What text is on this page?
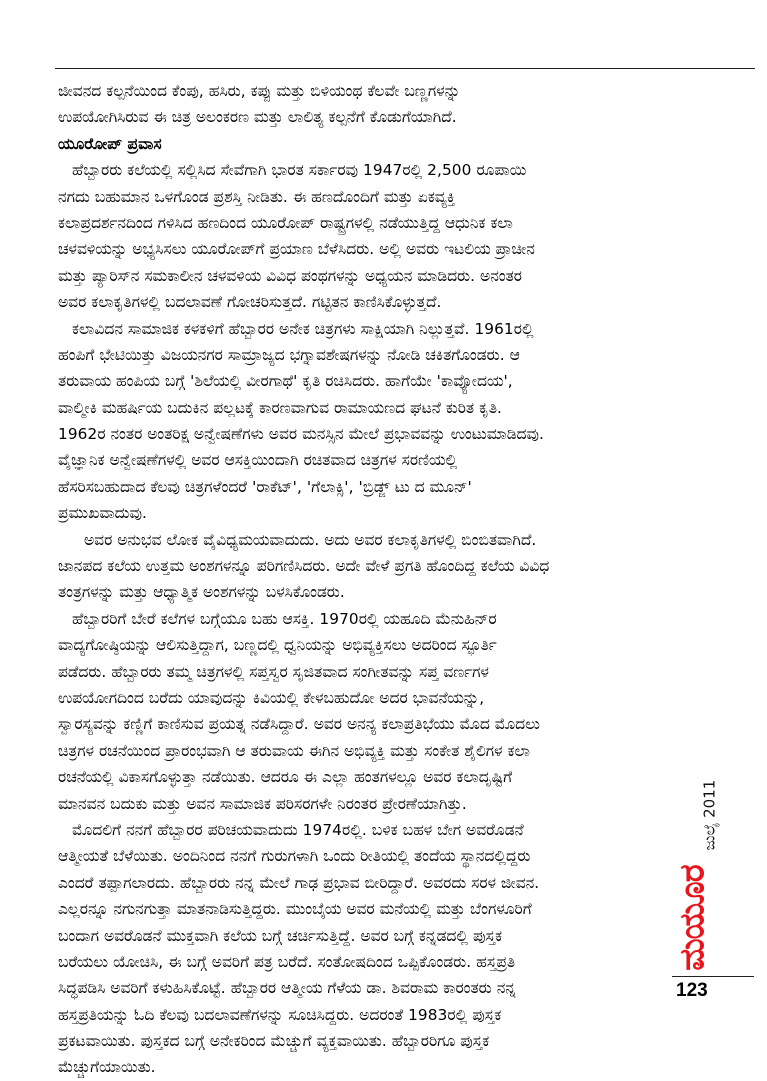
ಜೀವನದ ಕಲ್ಪನೆಯಿಂದ ಕೆಂಪು, ಹಸಿರು, ಕಪ್ಪು ಮತ್ತು ಬಿಳಿಯಂಥ ಕೆಲವೇ ಬಣ್ಣಗಳನ್ನು
ಉಪಯೋಗಿಸಿರುವ ಈ ಚಿತ್ರ ಅಲಂಕರಣ ಮತ್ತು ಲಾಲಿತ್ಯ ಕಲ್ಪನೆಗೆ ಕೊಡುಗೆಯಾಗಿದೆ.
ಯೂರೋಪ್ ಪ್ರವಾಸ
ಹೆಬ್ಬಾರರು ಕಲೆಯಲ್ಲಿ ಸಲ್ಲಿಸಿದ ಸೇವೆಗಾಗಿ ಭಾರತ ಸರ್ಕಾರವು 1947ರಲ್ಲಿ 2,500 ರೂಪಾಯಿ
ನಗದು ಬಹುಮಾನ ಒಳಗೊಂಡ ಪ್ರಶಸ್ತಿ ನೀಡಿತು. ಈ ಹಣದೊಂದಿಗೆ ಮತ್ತು ಏಕವ್ಯಕ್ತಿ
ಕಲಾಪ್ರದರ್ಶನದಿಂದ ಗಳಿಸಿದ ಹಣದಿಂದ ಯೂರೋಪ್ ರಾಷ್ಟ್ರಗಳಲ್ಲಿ ನಡೆಯುತ್ತಿದ್ದ ಆಧುನಿಕ ಕಲಾ
ಚಳವಳಿಯನ್ನು ಅಭ್ಯಸಿಸಲು ಯೂರೋಪ್‌ಗೆ ಪ್ರಯಾಣ ಬೆಳೆಸಿದರು. ಅಲ್ಲಿ ಅವರು ಇಟಲಿಯ ಪ್ರಾಚೀನ
ಮತ್ತು ಪ್ಯಾರಿಸ್‌ನ ಸಮಕಾಲೀನ ಚಳವಳಿಯ ವಿವಿಧ ಪಂಥಗಳನ್ನು ಅಧ್ಯಯನ ಮಾಡಿದರು. ಅನಂತರ
ಅವರ ಕಲಾಕೃತಿಗಳಲ್ಲಿ ಬದಲಾವಣೆ ಗೋಚರಿಸುತ್ತದೆ. ಗಟ್ಟಿತನ ಕಾಣಿಸಿಕೊಳ್ಳುತ್ತದೆ.
ಕಲಾವಿದನ ಸಾಮಾಜಿಕ ಕಳಕಳಿಗೆ ಹೆಬ್ಬಾರರ ಅನೇಕ ಚಿತ್ರಗಳು ಸಾಕ್ಷಿಯಾಗಿ ನಿಲ್ಲುತ್ತವೆ. 1961ರಲ್ಲಿ
ಹಂಪಿಗೆ ಭೇಟಿಯಿತ್ತು ವಿಜಯನಗರ ಸಾಮ್ರಾಜ್ಯದ ಭಗ್ನಾವಶೇಷಗಳನ್ನು ನೋಡಿ ಚಕಿತಗೊಂಡರು. ಆ
ತರುವಾಯ ಹಂಪಿಯ ಬಗ್ಗೆ 'ಶಿಲೆಯಲ್ಲಿ ವೀರಗಾಥೆ' ಕೃತಿ ರಚಿಸಿದರು. ಹಾಗೆಯೇ 'ಕಾವ್ಯೋದಯ',
ವಾಲ್ಮೀಕಿ ಮಹರ್ಷಿಯ ಬದುಕಿನ ಪಲ್ಲಟಕ್ಕೆ ಕಾರಣವಾಗುವ ರಾಮಾಯಣದ ಘಟನೆ ಕುರಿತ ಕೃತಿ.
1962ರ ನಂತರ ಅಂತರಿಕ್ಷ ಅನ್ವೇಷಣೆಗಳು ಅವರ ಮನಸ್ಸಿನ ಮೇಲೆ ಪ್ರಭಾವವನ್ನು ಉಂಟುಮಾಡಿದವು.
ವೈಜ್ಞಾನಿಕ ಅನ್ವೇಷಣೆಗಳಲ್ಲಿ ಅವರ ಆಸಕ್ತಿಯಿಂದಾಗಿ ರಚಿತವಾದ ಚಿತ್ರಗಳ ಸರಣಿಯಲ್ಲಿ
ಹೆಸರಿಸಬಹುದಾದ ಕೆಲವು ಚಿತ್ರಗಳೆಂದರೆ 'ರಾಕೆಟ್', 'ಗೆಲಾಕ್ಸಿ', 'ಬ್ರಿಡ್ಜ್ ಟು ದ ಮೂನ್'
ಪ್ರಮುಖವಾದುವು.
ಅವರ ಅನುಭವ ಲೋಕ ವೈವಿಧ್ಯಮಯವಾದುದು. ಅದು ಅವರ ಕಲಾಕೃತಿಗಳಲ್ಲಿ ಬಿಂಬಿತವಾಗಿದೆ.
ಜಾನಪದ ಕಲೆಯ ಉತ್ತಮ ಅಂಶಗಳನ್ನೂ ಪರಿಗಣಿಸಿದರು. ಅದೇ ವೇಳೆ ಪ್ರಗತಿ ಹೊಂದಿದ್ದ ಕಲೆಯ ವಿವಿಧ
ತಂತ್ರಗಳನ್ನು ಮತ್ತು ಆಧ್ಯಾತ್ಮಿಕ ಅಂಶಗಳನ್ನು ಬಳಸಿಕೊಂಡರು.
ಹೆಬ್ಬಾರರಿಗೆ ಬೇರೆ ಕಲೆಗಳ ಬಗ್ಗೆಯೂ ಬಹು ಆಸಕ್ತಿ. 1970ರಲ್ಲಿ ಯಹೂದಿ ಮೆನುಹಿನ್‌ರ
ವಾದ್ಯಗೋಷ್ಠಿಯನ್ನು ಆಲಿಸುತ್ತಿದ್ದಾಗ, ಬಣ್ಣದಲ್ಲಿ ಧ್ವನಿಯನ್ನು ಅಭಿವ್ಯಕ್ತಿಸಲು ಅದರಿಂದ ಸ್ಫೂರ್ತಿ
ಪಡೆದರು. ಹೆಬ್ಬಾರರು ತಮ್ಮ ಚಿತ್ರಗಳಲ್ಲಿ ಸಪ್ತಸ್ವರ ಸೃಜಿತವಾದ ಸಂಗೀತವನ್ನು ಸಪ್ತ ವರ್ಣಗಳ
ಉಪಯೋಗದಿಂದ ಬರೆದು ಯಾವುದನ್ನು ಕಿವಿಯಲ್ಲಿ ಕೇಳಬಹುದೋ ಅದರ ಭಾವನೆಯನ್ನು,
ಸ್ವಾರಸ್ಯವನ್ನು ಕಣ್ಣಿಗೆ ಕಾಣಿಸುವ ಪ್ರಯತ್ನ ನಡೆಸಿದ್ದಾರೆ. ಅವರ ಅನನ್ಯ ಕಲಾಪ್ರತಿಭೆಯು ಮೊದ ಮೊದಲು
ಚಿತ್ರಗಳ ರಚನೆಯಿಂದ ಪ್ರಾರಂಭವಾಗಿ ಆ ತರುವಾಯ ಈಗಿನ ಅಭಿವ್ಯಕ್ತಿ ಮತ್ತು ಸಂಕೇತ ಶೈಲಿಗಳ ಕಲಾ
ರಚನೆಯಲ್ಲಿ ವಿಕಾಸಗೊಳ್ಳುತ್ತಾ ನಡೆಯಿತು. ಆದರೂ ಈ ಎಲ್ಲಾ ಹಂತಗಳಲ್ಲೂ ಅವರ ಕಲಾದೃಷ್ಟಿಗೆ
ಮಾನವನ ಬದುಕು ಮತ್ತು ಅವನ ಸಾಮಾಜಿಕ ಪರಿಸರಗಳೇ ನಿರಂತರ ಪ್ರೇರಣೆಯಾಗಿತ್ತು.
ಮೊದಲಿಗೆ ನನಗೆ ಹೆಬ್ಬಾರರ ಪರಿಚಯವಾದುದು 1974ರಲ್ಲಿ. ಬಳಿಕ ಬಹಳ ಬೇಗ ಅವರೊಡನೆ
ಆತ್ಮೀಯತೆ ಬೆಳೆಯಿತು. ಅಂದಿನಿಂದ ನನಗೆ ಗುರುಗಳಾಗಿ ಒಂದು ರೀತಿಯಲ್ಲಿ ತಂದೆಯ ಸ್ಥಾನದಲ್ಲಿದ್ದರು
ಎಂದರೆ ತಪ್ಪಾಗಲಾರದು. ಹೆಬ್ಬಾರರು ನನ್ನ ಮೇಲೆ ಗಾಢ ಪ್ರಭಾವ ಬೀರಿದ್ದಾರೆ. ಅವರದು ಸರಳ ಜೀವನ.
ಎಲ್ಲರನ್ನೂ ನಗುನಗುತ್ತಾ ಮಾತನಾಡಿಸುತ್ತಿದ್ದರು. ಮುಂಬೈಯ ಅವರ ಮನೆಯಲ್ಲಿ ಮತ್ತು ಬೆಂಗಳೂರಿಗೆ
ಬಂದಾಗ ಅವರೊಡನೆ ಮುಕ್ತವಾಗಿ ಕಲೆಯ ಬಗ್ಗೆ ಚರ್ಚಿಸುತ್ತಿದ್ದೆ. ಅವರ ಬಗ್ಗೆ ಕನ್ನಡದಲ್ಲಿ ಪುಸ್ತಕ
ಬರೆಯಲು ಯೋಚಿಸಿ, ಈ ಬಗ್ಗೆ ಅವರಿಗೆ ಪತ್ರ ಬರೆದೆ. ಸಂತೋಷದಿಂದ ಒಪ್ಪಿಕೊಂಡರು. ಹಸ್ತಪ್ರತಿ
ಸಿದ್ಧಪಡಿಸಿ ಅವರಿಗೆ ಕಳುಹಿಸಿಕೊಟ್ಟೆ. ಹೆಬ್ಬಾರರ ಆತ್ಮೀಯ ಗೆಳೆಯ ಡಾ. ಶಿವರಾಮ ಕಾರಂತರು ನನ್ನ
ಹಸ್ತಪ್ರತಿಯನ್ನು ಓದಿ ಕೆಲವು ಬದಲಾವಣೆಗಳನ್ನು ಸೂಚಿಸಿದ್ದರು. ಅದರಂತೆ 1983ರಲ್ಲಿ ಪುಸ್ತಕ
ಪ್ರಕಟವಾಯಿತು. ಪುಸ್ತಕದ ಬಗ್ಗೆ ಅನೇಕರಿಂದ ಮೆಚ್ಚುಗೆ ವ್ಯಕ್ತವಾಯಿತು. ಹೆಬ್ಬಾರರಿಗೂ ಪುಸ್ತಕ
ಮೆಚ್ಚುಗೆಯಾಯಿತು.
ಜುಲೈ 2011
ಮಯೂರ
123
